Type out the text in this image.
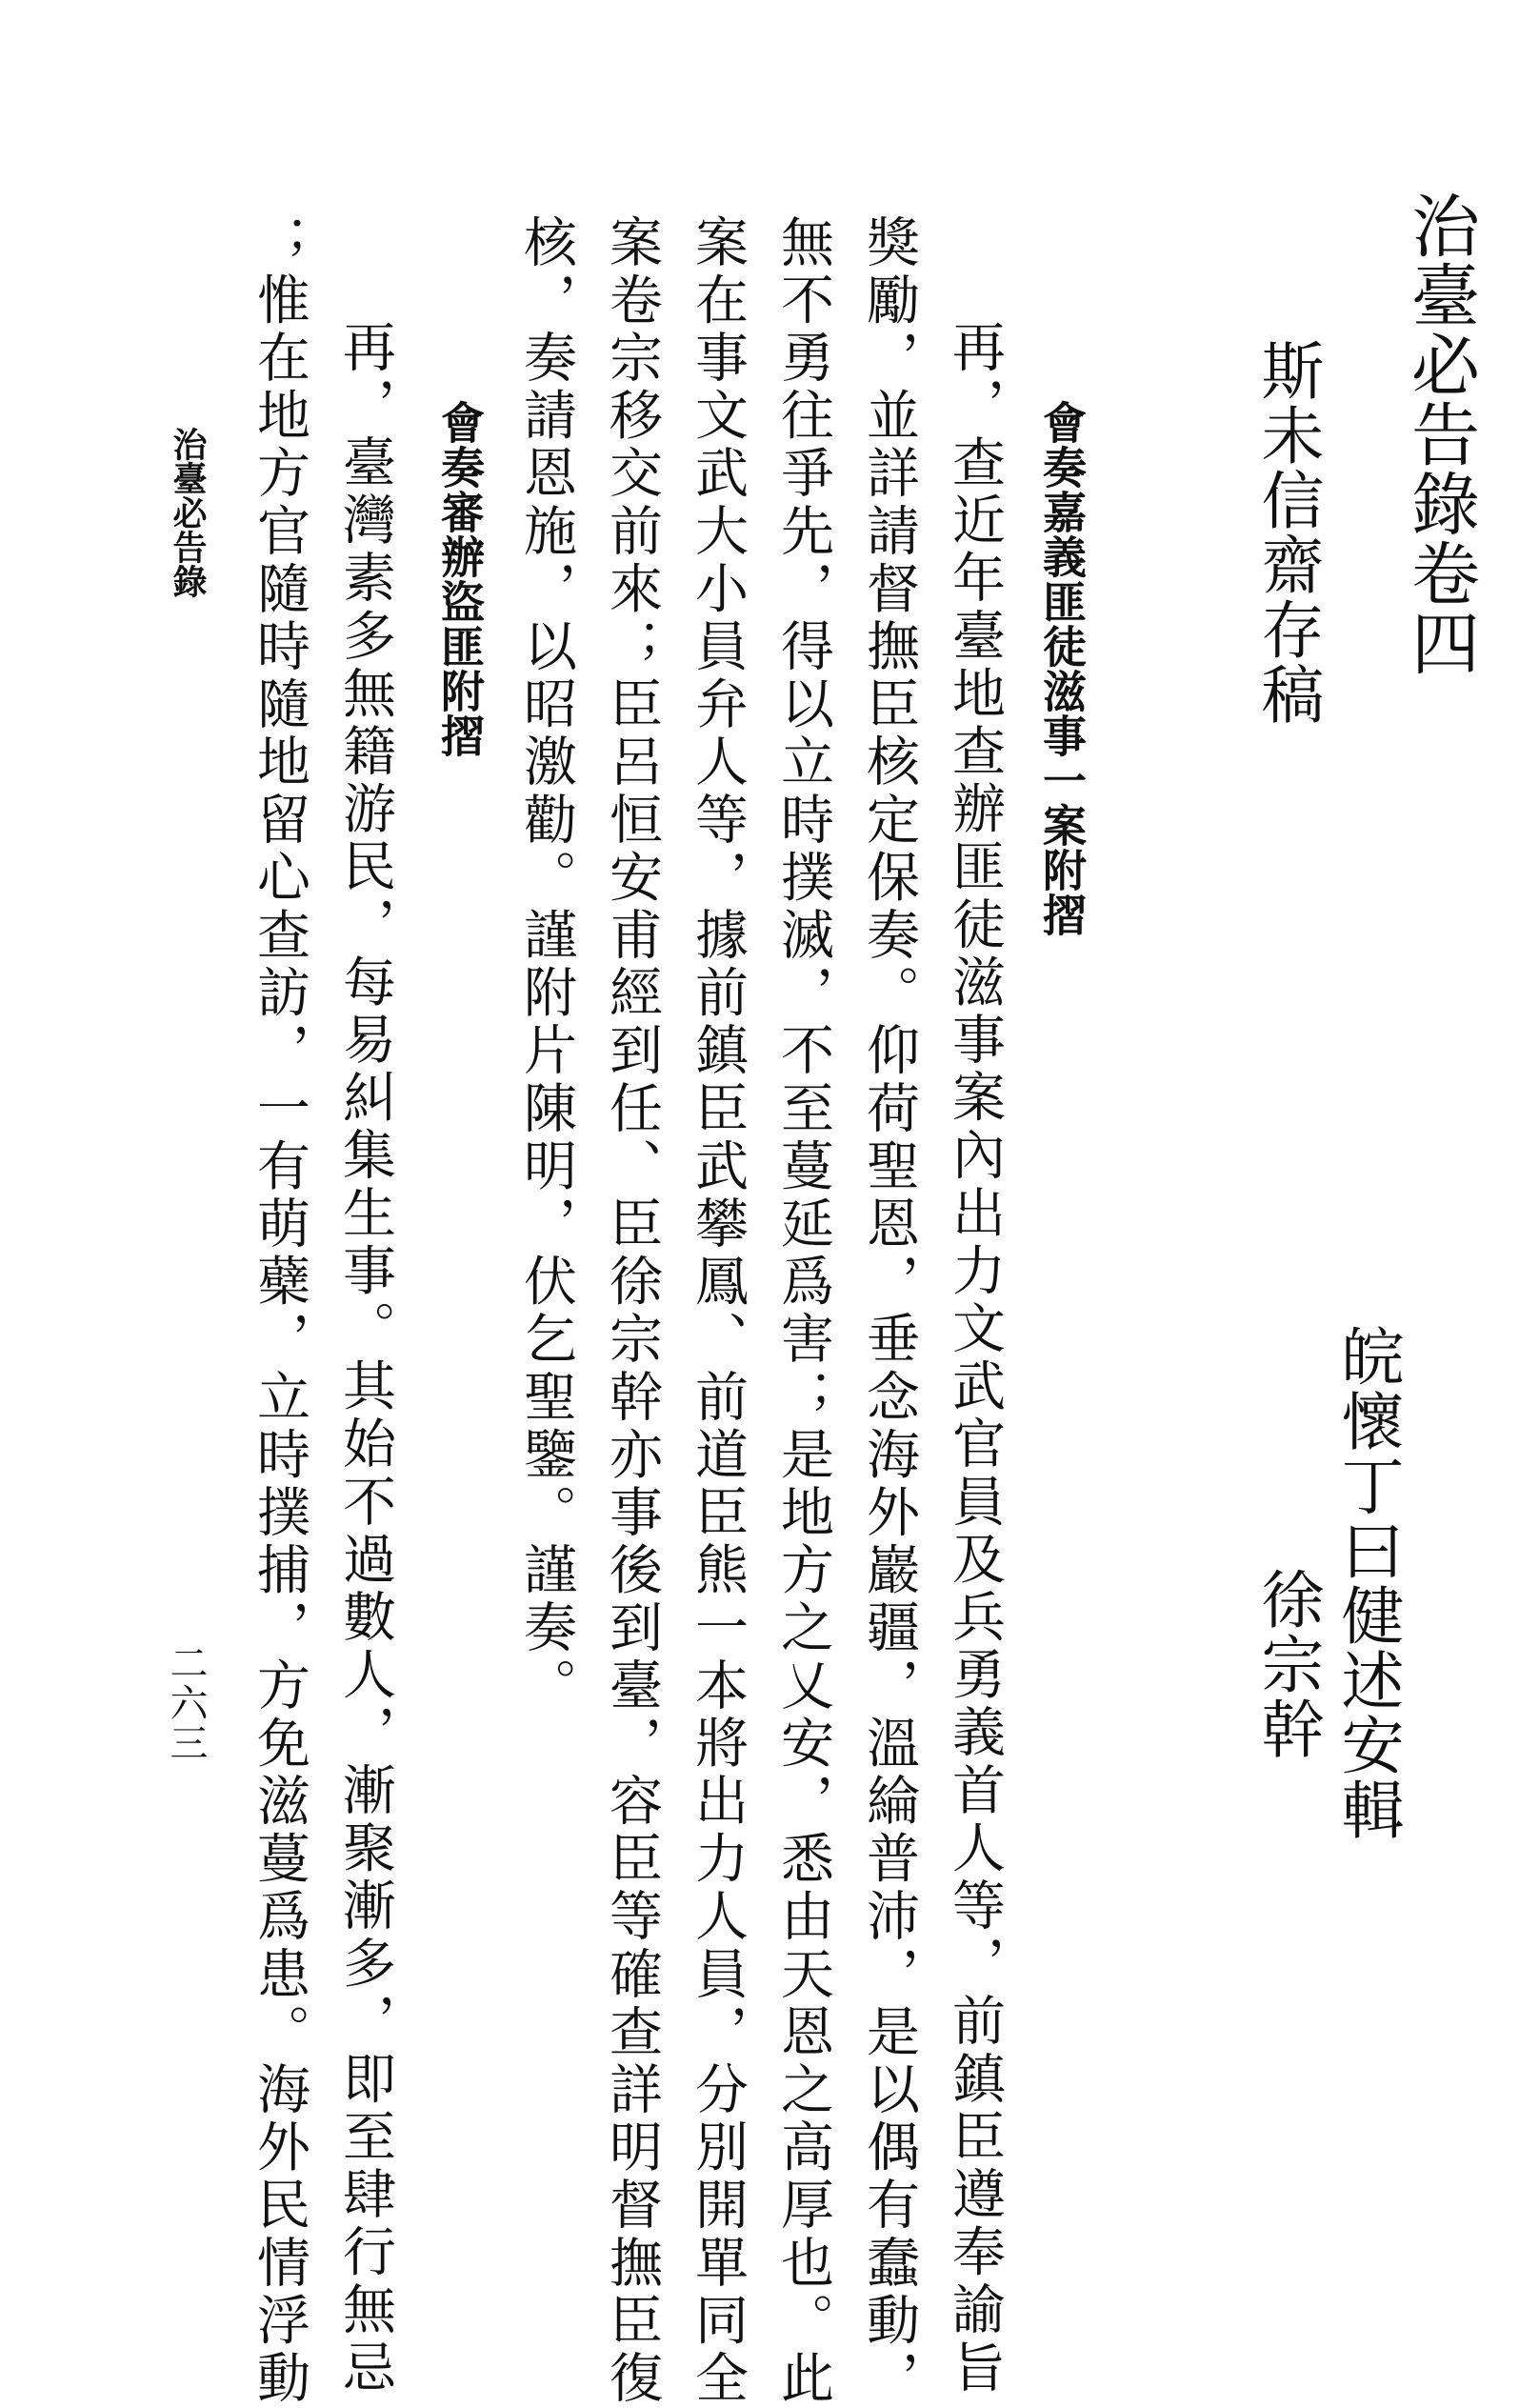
治臺必告錄卷四
皖懷丁曰健述安輯
徐宗幹
斯未信齋存稿
會奏嘉義匪徒滋事一案附摺
再，查近年臺地查辦匪徒滋事案內出力文武官員及兵勇義首人等，前鎮臣遵奉諭旨
獎勵，並詳請督撫臣核定保奏。仰荷聖恩，垂念海外巖疆，溫綸普沛，是以偶有蠢動，
無不勇往爭先，得以立時撲滅，不至蔓延爲害；是地方之乂安，悉由天恩之高厚也。此
案在事文武大小員弁人等，據前鎮臣武攀鳳、前道臣熊一本將出力人員，分別開單同全
案卷宗移交前來；臣呂恒安甫經到任、臣徐宗幹亦事後到臺，容臣等確查詳明督撫臣復
核，奏請恩施，以昭激勸。謹附片陳明，伏乞聖鑒。謹奏。
會奏審辦盜匪附摺
再，臺灣素多無籍游民，每易糾集生事。其始不過數人，漸聚漸多，即至肆行無忌
；惟在地方官隨時隨地留心查訪，一有萌蘗，立時撲捕，方免滋蔓爲患。海外民情浮動
治臺必告錄
二六三
